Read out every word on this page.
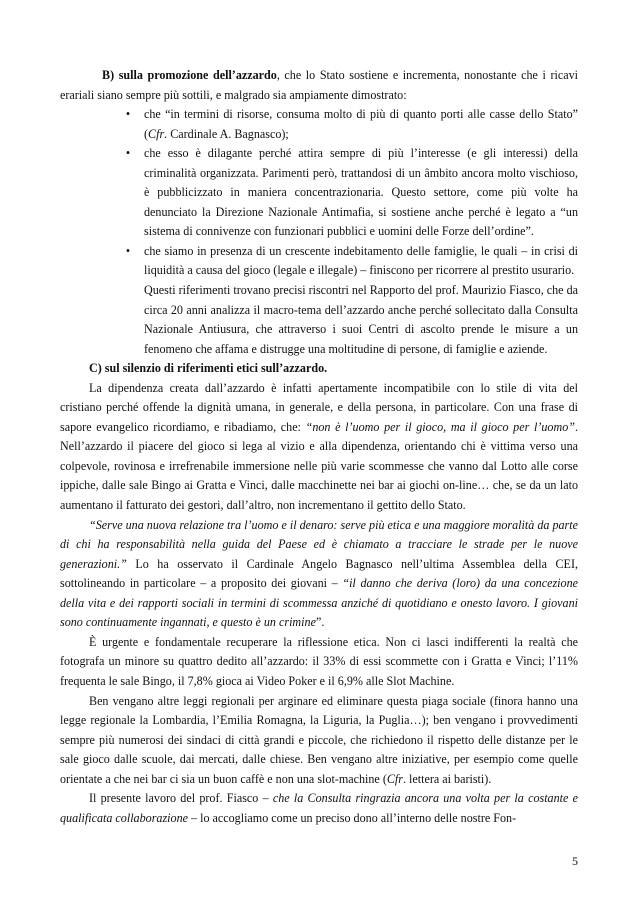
B) sulla promozione dell’azzardo, che lo Stato sostiene e incrementa, nonostante che i ricavi erariali siano sempre più sottili, e malgrado sia ampiamente dimostrato:

•	che “in termini di risorse, consuma molto di più di quanto porti alle casse dello Stato” (Cfr. Cardinale A. Bagnasco);
•	che esso è dilagante perché attira sempre di più l’interesse (e gli interessi) della criminalità organizzata. Parimenti però, trattandosi di un âmbito ancora molto vischioso, è pubblicizzato in maniera concentrazionaria. Questo settore, come più volte ha denunciato la Direzione Nazionale Antimafia, si sostiene anche perché è legato a “un sistema di connivenze con funzionari pubblici e uomini delle Forze dell’ordine”.
•	che siamo in presenza di un crescente indebitamento delle famiglie, le quali – in crisi di liquidità a causa del gioco (legale e illegale) – finiscono per ricorrere al prestito usurario.

Questi riferimenti trovano precisi riscontri nel Rapporto del prof. Maurizio Fiasco, che da circa 20 anni analizza il macro-tema dell’azzardo anche perché sollecitato dalla Consulta Nazionale Antiusura, che attraverso i suoi Centri di ascolto prende le misure a un fenomeno che affama e distrugge una moltitudine di persone, di famiglie e aziende.

C) sul silenzio di riferimenti etici sull’azzardo.

La dipendenza creata dall’azzardo è infatti apertamente incompatibile con lo stile di vita del cristiano perché offende la dignità umana, in generale, e della persona, in particolare. Con una frase di sapore evangelico ricordiamo, e ribadiamo, che: “non è l’uomo per il gioco, ma il gioco per l’uomo”. Nell’azzardo il piacere del gioco si lega al vizio e alla dipendenza, orientando chi è vittima verso una colpevole, rovinosa e irrefrenabile immersione nelle più varie scommesse che vanno dal Lotto alle corse ippiche, dalle sale Bingo ai Gratta e Vinci, dalle macchinette nei bar ai giochi on-line… che, se da un lato aumentano il fatturato dei gestori, dall’altro, non incrementano il gettito dello Stato.

“Serve una nuova relazione tra l’uomo e il denaro: serve più etica e una maggiore moralità da parte di chi ha responsabilità nella guida del Paese ed è chiamato a tracciare le strade per le nuove generazioni.” Lo ha osservato il Cardinale Angelo Bagnasco nell’ultima Assemblea della CEI, sottolineando in particolare – a proposito dei giovani – “il danno che deriva (loro) da una concezione della vita e dei rapporti sociali in termini di scommessa anziché di quotidiano e onesto lavoro. I giovani sono continuamente ingannati, e questo è un crimine”.

È urgente e fondamentale recuperare la riflessione etica. Non ci lasci indifferenti la realtà che fotografa un minore su quattro dedito all’azzardo: il 33% di essi scommette con i Gratta e Vinci; l’11% frequenta le sale Bingo, il 7,8% gioca ai Video Poker e il 6,9% alle Slot Machine.

Ben vengano altre leggi regionali per arginare ed eliminare questa piaga sociale (finora hanno una legge regionale la Lombardia, l’Emilia Romagna, la Liguria, la Puglia…); ben vengano i provvedimenti sempre più numerosi dei sindaci di città grandi e piccole, che richiedono il rispetto delle distanze per le sale gioco dalle scuole, dai mercati, dalle chiese. Ben vengano altre iniziative, per esempio come quelle orientate a che nei bar ci sia un buon caffè e non una slot-machine (Cfr. lettera ai baristi).

Il presente lavoro del prof. Fiasco – che la Consulta ringrazia ancora una volta per la costante e qualificata collaborazione – lo accogliamo come un preciso dono all’interno delle nostre Fon-

5
